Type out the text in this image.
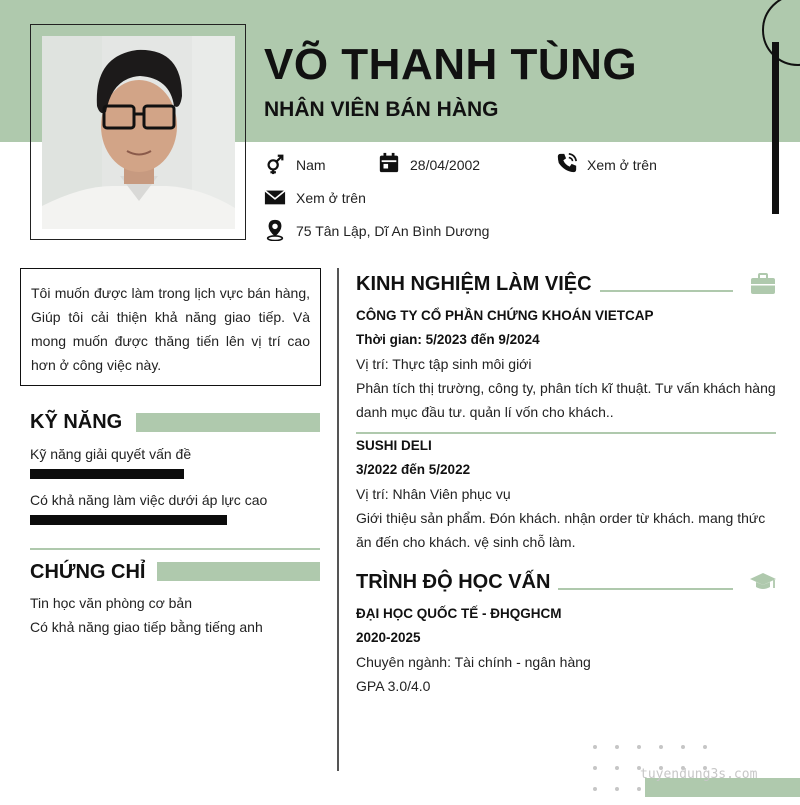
VÕ THANH TÙNG
NHÂN VIÊN BÁN HÀNG
Nam	28/04/2002	Xem ở trên
Xem ở trên
75 Tân Lập, Dĩ An Bình Dương
Tôi muốn được làm trong lịch vực bán hàng, Giúp tôi cải thiện khả năng giao tiếp. Và mong muốn được thăng tiến lên vị trí cao hơn ở công việc này.
KỸ NĂNG
Kỹ năng giải quyết vấn đề
Có khả năng làm việc dưới áp lực cao
CHỨNG CHỈ
Tin học văn phòng cơ bản
Có khả năng giao tiếp bằng tiếng anh
KINH NGHIỆM LÀM VIỆC
CÔNG TY CỔ PHẦN CHỨNG KHOÁN VIETCAP
Thời gian: 5/2023 đến 9/2024
Vị trí: Thực tập sinh môi giới
Phân tích thị trường, công ty, phân tích kĩ thuật. Tư vấn khách hàng danh mục đầu tư. quản lí vốn cho khách..
SUSHI DELI
3/2022 đến 5/2022
Vị trí: Nhân Viên phục vụ
Giới thiệu sản phẩm. Đón khách. nhận order từ khách. mang thức ăn đến cho khách. vệ sinh chỗ làm.
TRÌNH ĐỘ HỌC VẤN
ĐẠI HỌC QUỐC TẾ - ĐHQGHCM
2020-2025
Chuyên ngành: Tài chính - ngân hàng
GPA 3.0/4.0
tuyendung3s.com
